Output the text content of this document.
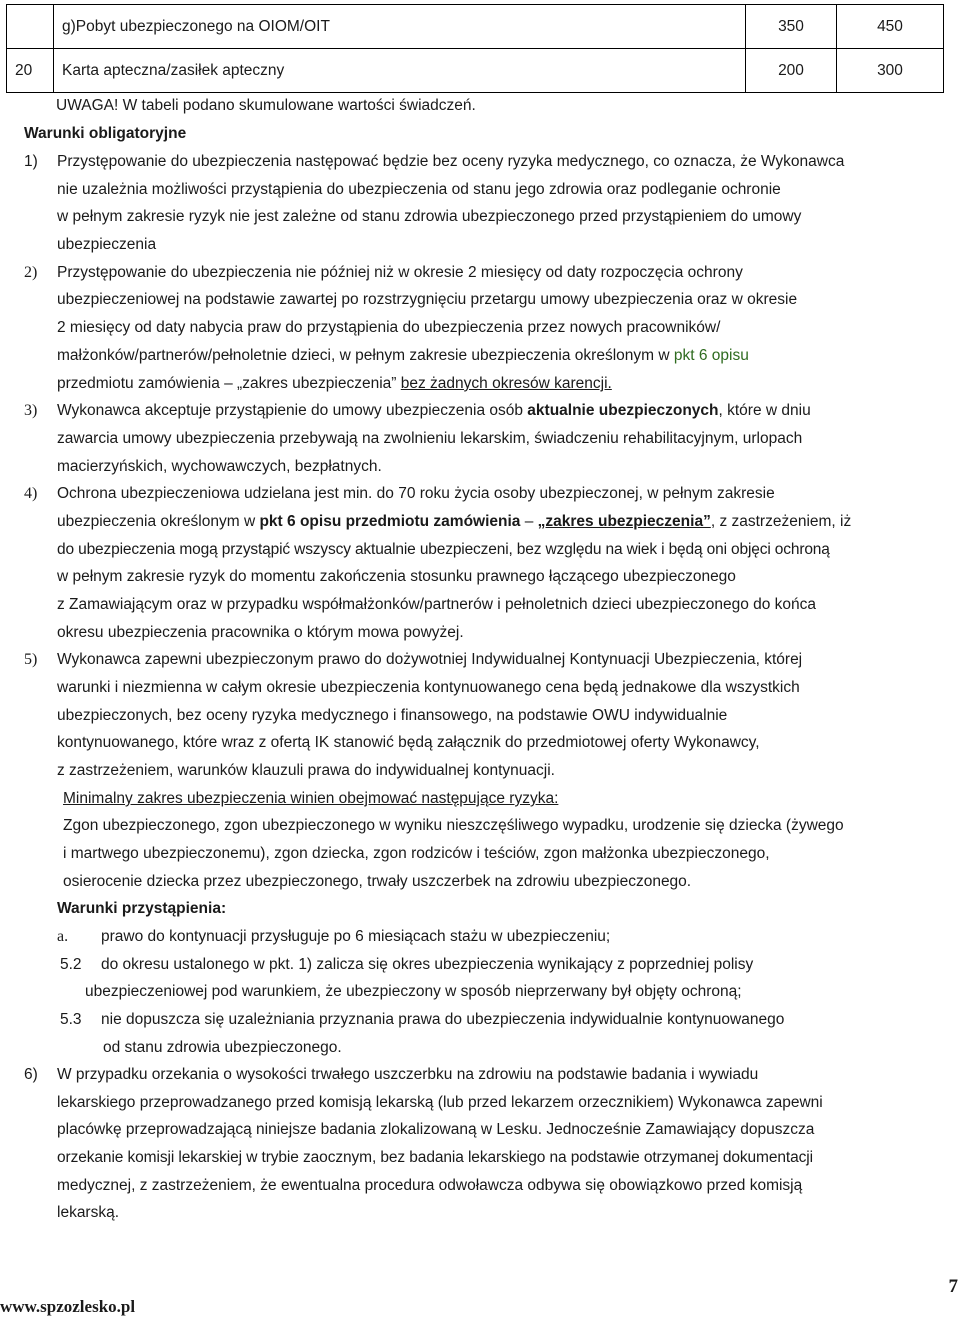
	g)Pobyt ubezpieczonego na OIOM/OIT	350	450
20	Karta apteczna/zasiłek apteczny	200	300
UWAGA! W tabeli podano skumulowane wartości świadczeń.
Warunki obligatoryjne
1) Przystępowanie do ubezpieczenia następować będzie bez oceny ryzyka medycznego, co oznacza, że Wykonawca
nie uzależnia możliwości przystąpienia do ubezpieczenia od stanu jego zdrowia oraz podleganie ochronie
w pełnym zakresie ryzyk nie jest zależne od stanu zdrowia ubezpieczonego przed przystąpieniem do umowy
ubezpieczenia
2) Przystępowanie do ubezpieczenia nie później niż w okresie 2 miesięcy od daty rozpoczęcia ochrony
ubezpieczeniowej na podstawie zawartej po rozstrzygnięciu przetargu umowy ubezpieczenia oraz w okresie
2 miesięcy od daty nabycia praw do przystąpienia do ubezpieczenia przez nowych pracowników/
małżonków/partnerów/pełnoletnie dzieci, w pełnym zakresie ubezpieczenia określonym w pkt 6 opisu
przedmiotu zamówienia – „zakres ubezpieczenia” bez żadnych okresów karencji.
3) Wykonawca akceptuje przystąpienie do umowy ubezpieczenia osób aktualnie ubezpieczonych, które w dniu
zawarcia umowy ubezpieczenia przebywają na zwolnieniu lekarskim, świadczeniu rehabilitacyjnym, urlopach
macierzyńskich, wychowawczych, bezpłatnych.
4) Ochrona ubezpieczeniowa udzielana jest min. do 70 roku życia osoby ubezpieczonej, w pełnym zakresie
ubezpieczenia określonym w pkt 6 opisu przedmiotu zamówienia – „zakres ubezpieczenia”, z zastrzeżeniem, iż
do ubezpieczenia mogą przystąpić wszyscy aktualnie ubezpieczeni, bez względu na wiek i będą oni objęci ochroną
w pełnym zakresie ryzyk do momentu zakończenia stosunku prawnego łączącego ubezpieczonego
z Zamawiającym oraz w przypadku współmałżonków/partnerów i pełnoletnich dzieci ubezpieczonego do końca
okresu ubezpieczenia pracownika o którym mowa powyżej.
5) Wykonawca zapewni ubezpieczonym prawo do dożywotniej Indywidualnej Kontynuacji Ubezpieczenia, której
warunki i niezmienna w całym okresie ubezpieczenia kontynuowanego cena będą jednakowe dla wszystkich
ubezpieczonych, bez oceny ryzyka medycznego i finansowego, na podstawie OWU indywidualnie
kontynuowanego, które wraz z ofertą IK stanowić będą załącznik do przedmiotowej oferty Wykonawcy,
z zastrzeżeniem, warunków klauzuli prawa do indywidualnej kontynuacji.
Minimalny zakres ubezpieczenia winien obejmować następujące ryzyka:
Zgon ubezpieczonego, zgon ubezpieczonego w wyniku nieszczęśliwego wypadku, urodzenie się dziecka (żywego
i martwego ubezpieczonemu), zgon dziecka, zgon rodziców i teściów, zgon małżonka ubezpieczonego,
osierocenie dziecka przez ubezpieczonego, trwały uszczerbek na zdrowiu ubezpieczonego.
Warunki przystąpienia:
a. prawo do kontynuacji przysługuje po 6 miesiącach stażu w ubezpieczeniu;
5.2 do okresu ustalonego w pkt. 1) zalicza się okres ubezpieczenia wynikający z poprzedniej polisy
ubezpieczeniowej pod warunkiem, że ubezpieczony w sposób nieprzerwany był objęty ochroną;
5.3 nie dopuszcza się uzależniania przyznania prawa do ubezpieczenia indywidualnie kontynuowanego
od stanu zdrowia ubezpieczonego.
6) W przypadku orzekania o wysokości trwałego uszczerbku na zdrowiu na podstawie badania i wywiadu
lekarskiego przeprowadzanego przed komisją lekarską (lub przed lekarzem orzecznikiem) Wykonawca zapewni
placówkę przeprowadzającą niniejsze badania zlokalizowaną w Lesku. Jednocześnie Zamawiający dopuszcza
orzekanie komisji lekarskiej w trybie zaocznym, bez badania lekarskiego na podstawie otrzymanej dokumentacji
medycznej, z zastrzeżeniem, że ewentualna procedura odwoławcza odbywa się obowiązkowo przed komisją
lekarską.
www.spzozlesko.pl
7
